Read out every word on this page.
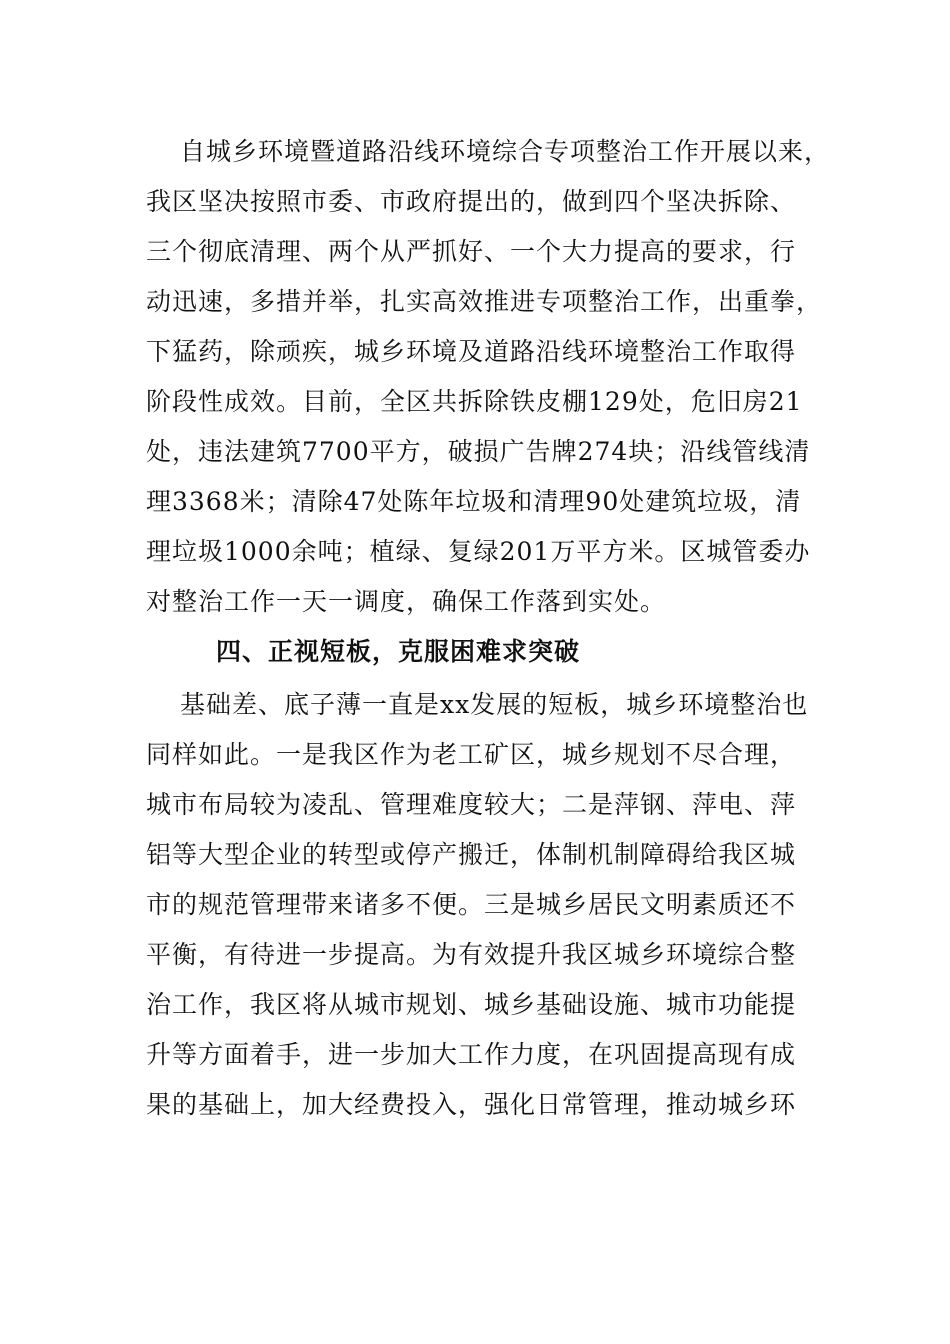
自城乡环境暨道路沿线环境综合专项整治工作开展以来，
我区坚决按照市委、市政府提出的，做到四个坚决拆除、
三个彻底清理、两个从严抓好、一个大力提高的要求，行
动迅速，多措并举，扎实高效推进专项整治工作，出重拳，
下猛药，除顽疾，城乡环境及道路沿线环境整治工作取得
阶段性成效。目前，全区共拆除铁皮棚129处，危旧房21
处，违法建筑7700平方，破损广告牌274块；沿线管线清
理3368米；清除47处陈年垃圾和清理90处建筑垃圾，清
理垃圾1000余吨；植绿、复绿201万平方米。区城管委办
对整治工作一天一调度，确保工作落到实处。
四、正视短板，克服困难求突破
基础差、底子薄一直是xx发展的短板，城乡环境整治也
同样如此。一是我区作为老工矿区，城乡规划不尽合理，
城市布局较为凌乱、管理难度较大；二是萍钢、萍电、萍
铝等大型企业的转型或停产搬迁，体制机制障碍给我区城
市的规范管理带来诸多不便。三是城乡居民文明素质还不
平衡，有待进一步提高。为有效提升我区城乡环境综合整
治工作，我区将从城市规划、城乡基础设施、城市功能提
升等方面着手，进一步加大工作力度，在巩固提高现有成
果的基础上，加大经费投入，强化日常管理，推动城乡环
